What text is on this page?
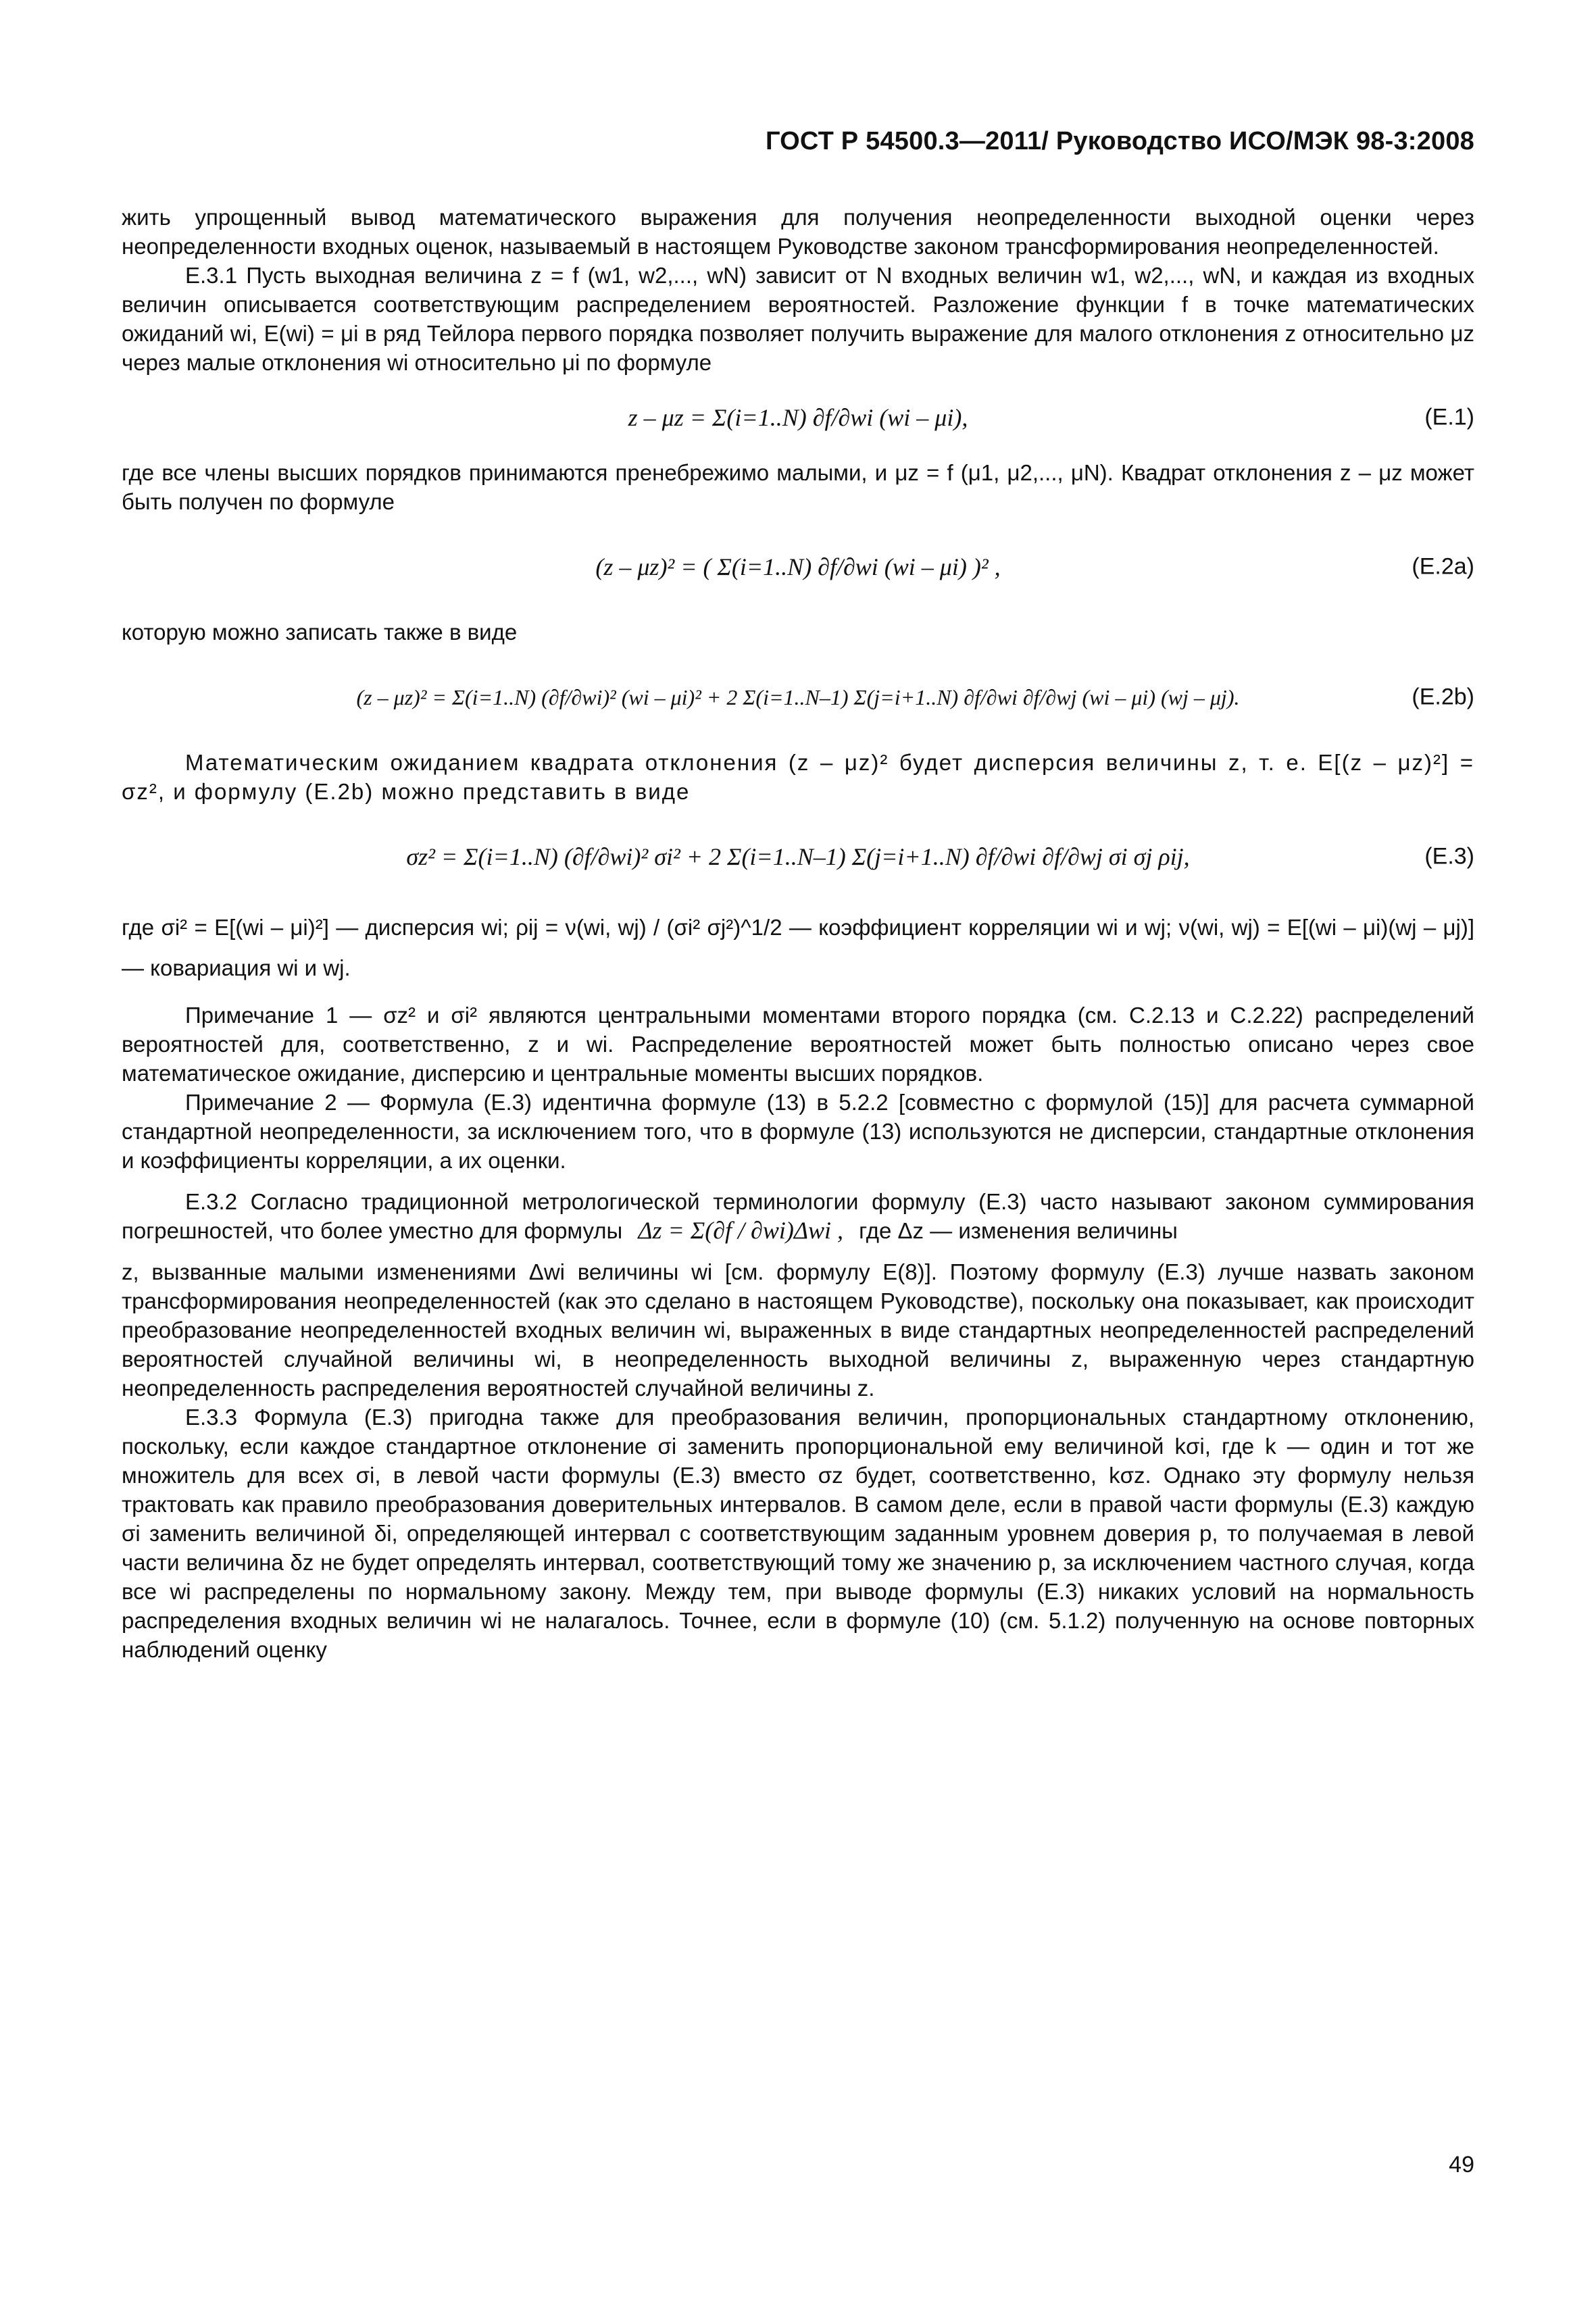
ГОСТ Р 54500.3—2011/ Руководство ИСО/МЭК 98-3:2008

жить упрощенный вывод математического выражения для получения неопределенности выходной оценки через неопределенности входных оценок, называемый в настоящем Руководстве законом трансформирования неопределенностей.

Е.3.1 Пусть выходная величина z = f (w1, w2,..., wN) зависит от N входных величин w1, w2,..., wN, и каждая из входных величин описывается соответствующим распределением вероятностей. Разложение функции f в точке математических ожиданий wi, E(wi) = μi в ряд Тейлора первого порядка позволяет получить выражение для малого отклонения z относительно μz через малые отклонения wi относительно μi по формуле

z – μz = Σ(i=1..N) ∂f/∂wi (wi – μi),	(Е.1)

где все члены высших порядков принимаются пренебрежимо малыми, и μz = f (μ1, μ2,..., μN). Квадрат отклонения z – μz может быть получен по формуле

(z – μz)² = ( Σ(i=1..N) ∂f/∂wi (wi – μi) )² ,	(Е.2a)

которую можно записать также в виде

(z – μz)² = Σ(i=1..N) (∂f/∂wi)² (wi – μi)² + 2 Σ(i=1..N–1) Σ(j=i+1..N) ∂f/∂wi ∂f/∂wj (wi – μi) (wj – μj).	(Е.2b)

Математическим ожиданием квадрата отклонения (z – μz)² будет дисперсия величины z, т. е. E[(z – μz)²] = σz², и формулу (Е.2b) можно представить в виде

σz² = Σ(i=1..N) (∂f/∂wi)² σi² + 2 Σ(i=1..N–1) Σ(j=i+1..N) ∂f/∂wi ∂f/∂wj σi σj ρij,	(Е.3)

где σi² = E[(wi – μi)²] — дисперсия wi; ρij = ν(wi, wj) / (σi² σj²)^1/2 — коэффициент корреляции wi и wj; ν(wi, wj) = E[(wi – μi)(wj – μj)] — ковариация wi и wj.

Примечание 1 — σz² и σi² являются центральными моментами второго порядка (см. С.2.13 и С.2.22) распределений вероятностей для, соответственно, z и wi. Распределение вероятностей может быть полностью описано через свое математическое ожидание, дисперсию и центральные моменты высших порядков.

Примечание 2 — Формула (Е.3) идентична формуле (13) в 5.2.2 [совместно с формулой (15)] для расчета суммарной стандартной неопределенности, за исключением того, что в формуле (13) используются не дисперсии, стандартные отклонения и коэффициенты корреляции, а их оценки.

Е.3.2 Согласно традиционной метрологической терминологии формулу (Е.3) часто называют законом суммирования погрешностей, что более уместно для формулы Δz = Σ(∂f / ∂wi)Δwi , где Δz — изменения величины

z, вызванные малыми изменениями Δwi величины wi [см. формулу Е(8)]. Поэтому формулу (Е.3) лучше назвать законом трансформирования неопределенностей (как это сделано в настоящем Руководстве), поскольку она показывает, как происходит преобразование неопределенностей входных величин wi, выраженных в виде стандартных неопределенностей распределений вероятностей случайной величины wi, в неопределенность выходной величины z, выраженную через стандартную неопределенность распределения вероятностей случайной величины z.

Е.3.3 Формула (Е.3) пригодна также для преобразования величин, пропорциональных стандартному отклонению, поскольку, если каждое стандартное отклонение σi заменить пропорциональной ему величиной kσi, где k — один и тот же множитель для всех σi, в левой части формулы (Е.3) вместо σz будет, соответственно, kσz. Однако эту формулу нельзя трактовать как правило преобразования доверительных интервалов. В самом деле, если в правой части формулы (Е.3) каждую σi заменить величиной δi, определяющей интервал с соответствующим заданным уровнем доверия p, то получаемая в левой части величина δz не будет определять интервал, соответствующий тому же значению p, за исключением частного случая, когда все wi распределены по нормальному закону. Между тем, при выводе формулы (Е.3) никаких условий на нормальность распределения входных величин wi не налагалось. Точнее, если в формуле (10) (см. 5.1.2) полученную на основе повторных наблюдений оценку

49
